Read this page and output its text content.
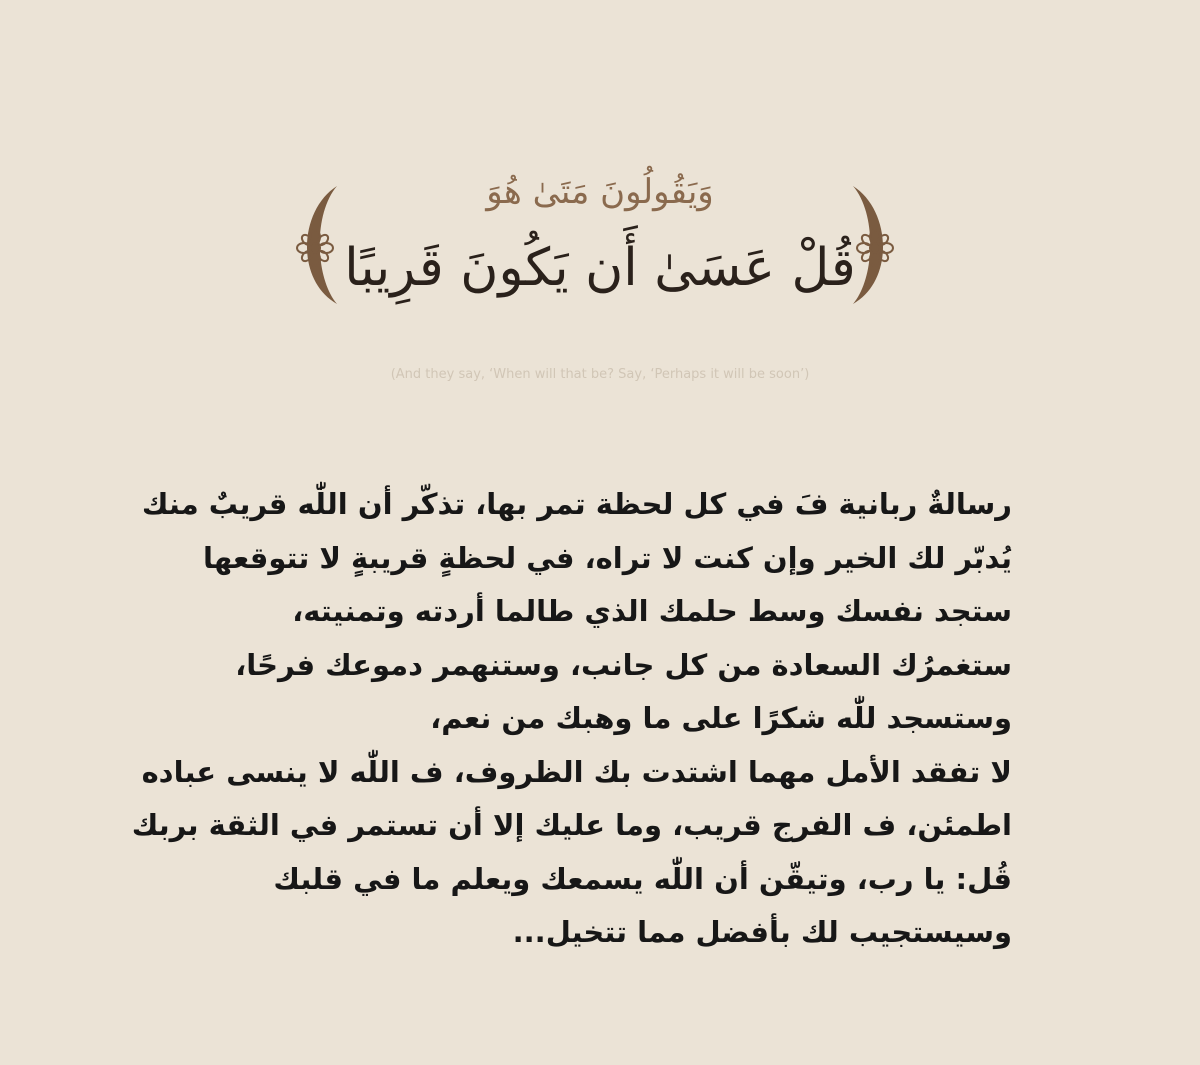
وَيَقُولُونَ مَتَىٰ هُوَ
قُلْ عَسَىٰ أَن يَكُونَ قَرِيبًا
(And they say, ‘When will that be? Say, ‘Perhaps it will be soon’)
رسالةٌ ربانية فَ في كل لحظة تمر بها، تذكّر أن اللّٰه قريبٌ منك
يُدبّر لك الخير وإن كنت لا تراه، في لحظةٍ قريبةٍ لا تتوقعها
ستجد نفسك وسط حلمك الذي طالما أردته وتمنيته،
ستغمرُك السعادة من كل جانب، وستنهمر دموعك فرحًا،
وستسجد للّٰه شكرًا على ما وهبك من نعم،
لا تفقد الأمل مهما اشتدت بك الظروف، ف اللّٰه لا ينسى عباده
اطمئن، ف الفرج قريب، وما عليك إلا أن تستمر في الثقة بربك
قُل: يا رب، وتيقّن أن اللّٰه يسمعك ويعلم ما في قلبك
وسيستجيب لك بأفضل مما تتخيل...
